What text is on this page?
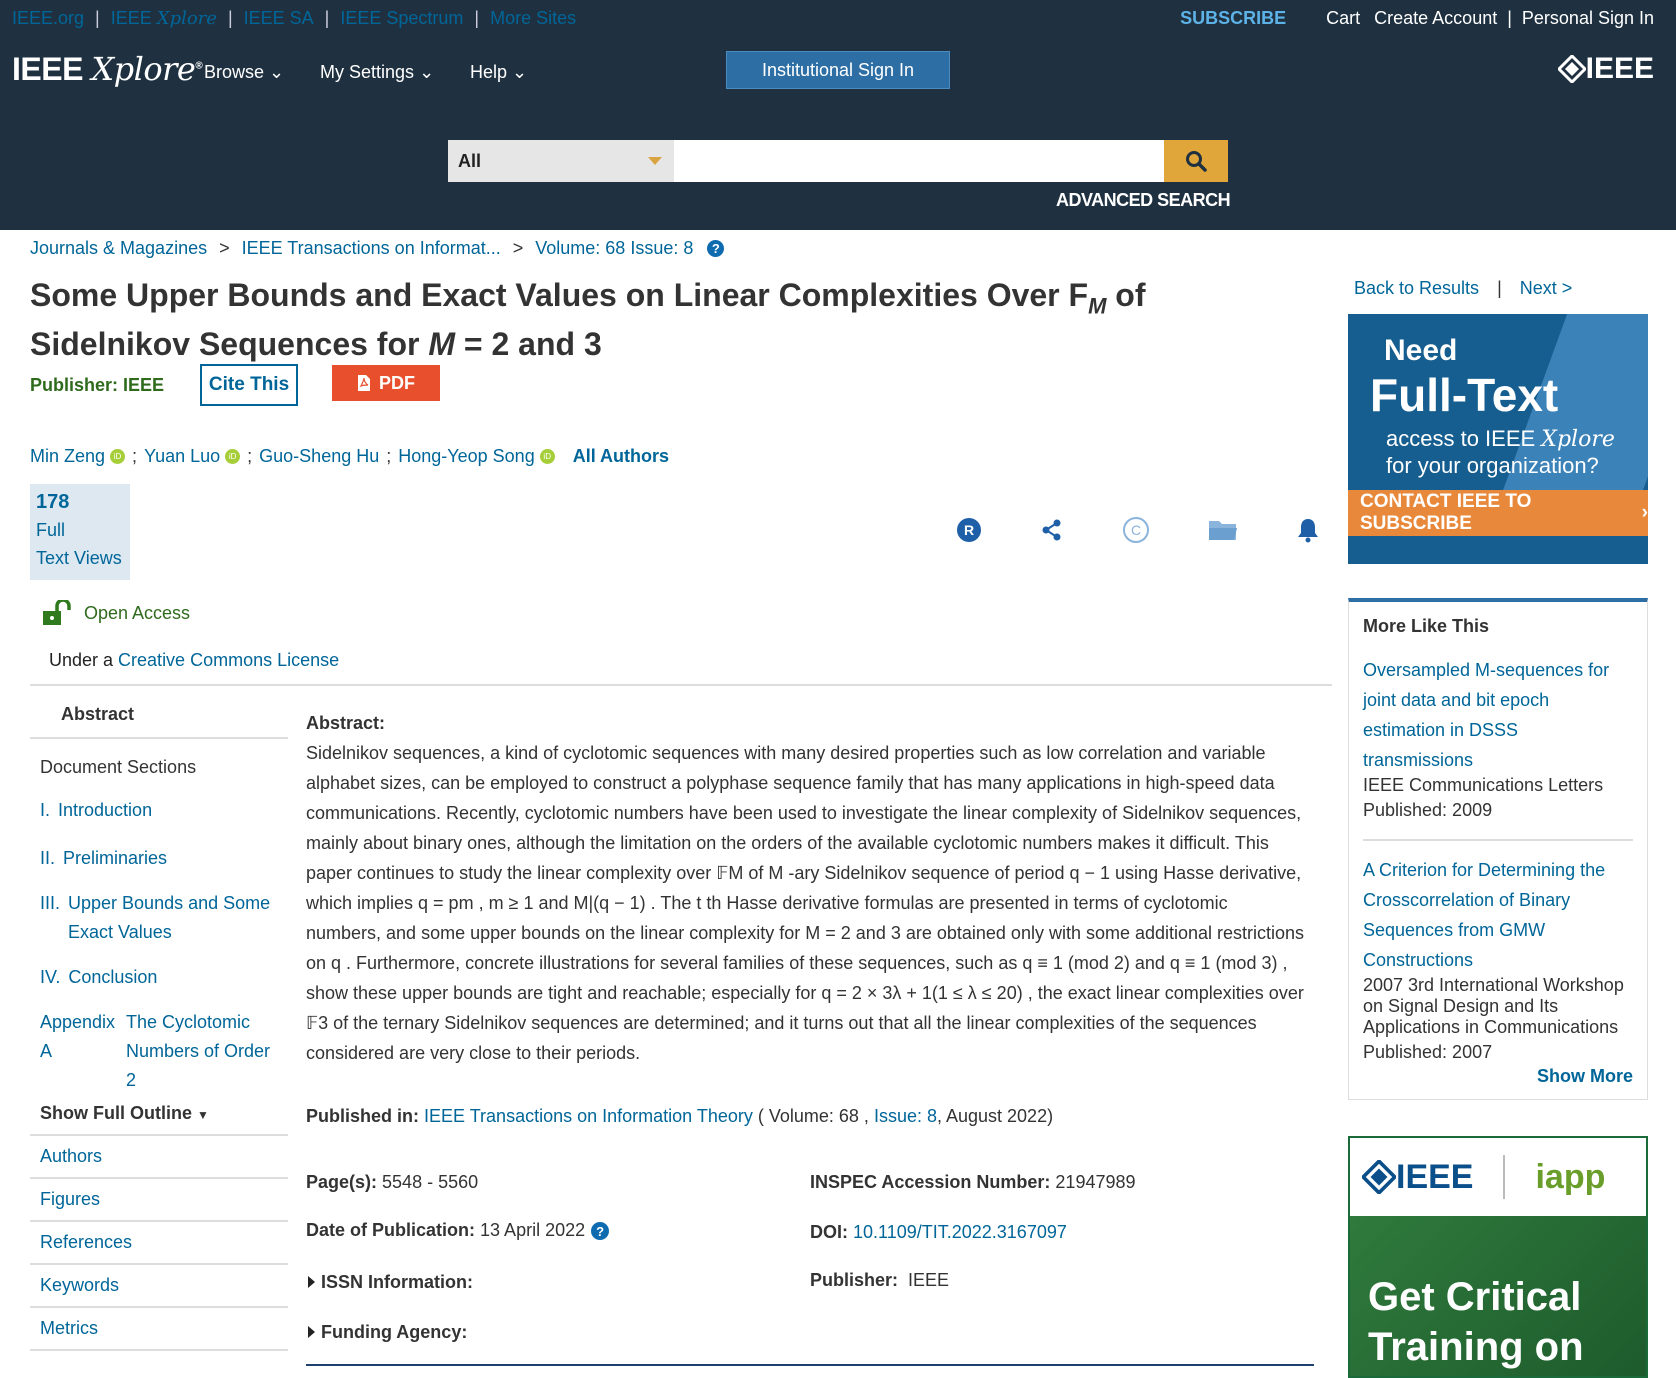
IEEE.org | IEEE Xplore | IEEE SA | IEEE Spectrum | More Sites	SUBSCRIBE Cart Create Account | Personal Sign In
IEEE Xplore® Browse ⌄ My Settings ⌄ Help ⌄	Institutional Sign In	IEEE
All
ADVANCED SEARCH
Journals & Magazines > IEEE Transactions on Informat... > Volume: 68 Issue: 8	?
Some Upper Bounds and Exact Values on Linear Complexities Over $F_M$ of Sidelnikov Sequences for M = 2 and 3
Publisher: IEEE	Cite This	PDF
Min Zeng	iD ; Yuan Luo	iD ; Guo-Sheng Hu ; Hong-Yeop Song	iD All Authors
178
Full
Text Views
R	C
Open Access
Under a Creative Commons License
Abstract
Document Sections
I. Introduction
II. Preliminaries
III. Upper Bounds and Some Exact Values
IV. Conclusion
Appendix A
The Cyclotomic Numbers of Order 2
Show Full Outline ▼
Authors
Figures
References
Keywords
Metrics
Abstract:
Sidelnikov sequences, a kind of cyclotomic sequences with many desired properties such as low correlation and variable alphabet sizes, can be employed to construct a polyphase sequence family that has many applications in high-speed data communications. Recently, cyclotomic numbers have been used to investigate the linear complexity of Sidelnikov sequences, mainly about binary ones, although the limitation on the orders of the available cyclotomic numbers makes it difficult. This paper continues to study the linear complexity over 𝔽M of M -ary Sidelnikov sequence of period q − 1 using Hasse derivative, which implies q = pm , m ≥ 1 and M|(q − 1) . The t th Hasse derivative formulas are presented in terms of cyclotomic numbers, and some upper bounds on the linear complexity for M = 2 and 3 are obtained only with some additional restrictions on q . Furthermore, concrete illustrations for several families of these sequences, such as q ≡ 1 (mod 2) and q ≡ 1 (mod 3) , show these upper bounds are tight and reachable; especially for q = 2 × 3λ + 1(1 ≤ λ ≤ 20) , the exact linear complexities over 𝔽3 of the ternary Sidelnikov sequences are determined; and it turns out that all the linear complexities of the sequences considered are very close to their periods.
Published in: IEEE Transactions on Information Theory ( Volume: 68 , Issue: 8, August 2022)
Page(s): 5548 - 5560
Date of Publication: 13 April 2022 ?
ISSN Information:
Funding Agency:
INSPEC Accession Number: 21947989
DOI: 10.1109/TIT.2022.3167097
Publisher: IEEE
Back to Results | Next >
Need
Full-Text
access to IEEE Xplore
for your organization?
CONTACT IEEE TO SUBSCRIBE

›
More Like This
Oversampled M-sequences for joint data and bit epoch estimation in DSSS transmissions
IEEE Communications Letters
Published: 2009
A Criterion for Determining the Crosscorrelation of Binary Sequences from GMW Constructions
2007 3rd International Workshop on Signal Design and Its Applications in Communications
Published: 2007
Show More
IEEE iapp
Get Critical Training on
